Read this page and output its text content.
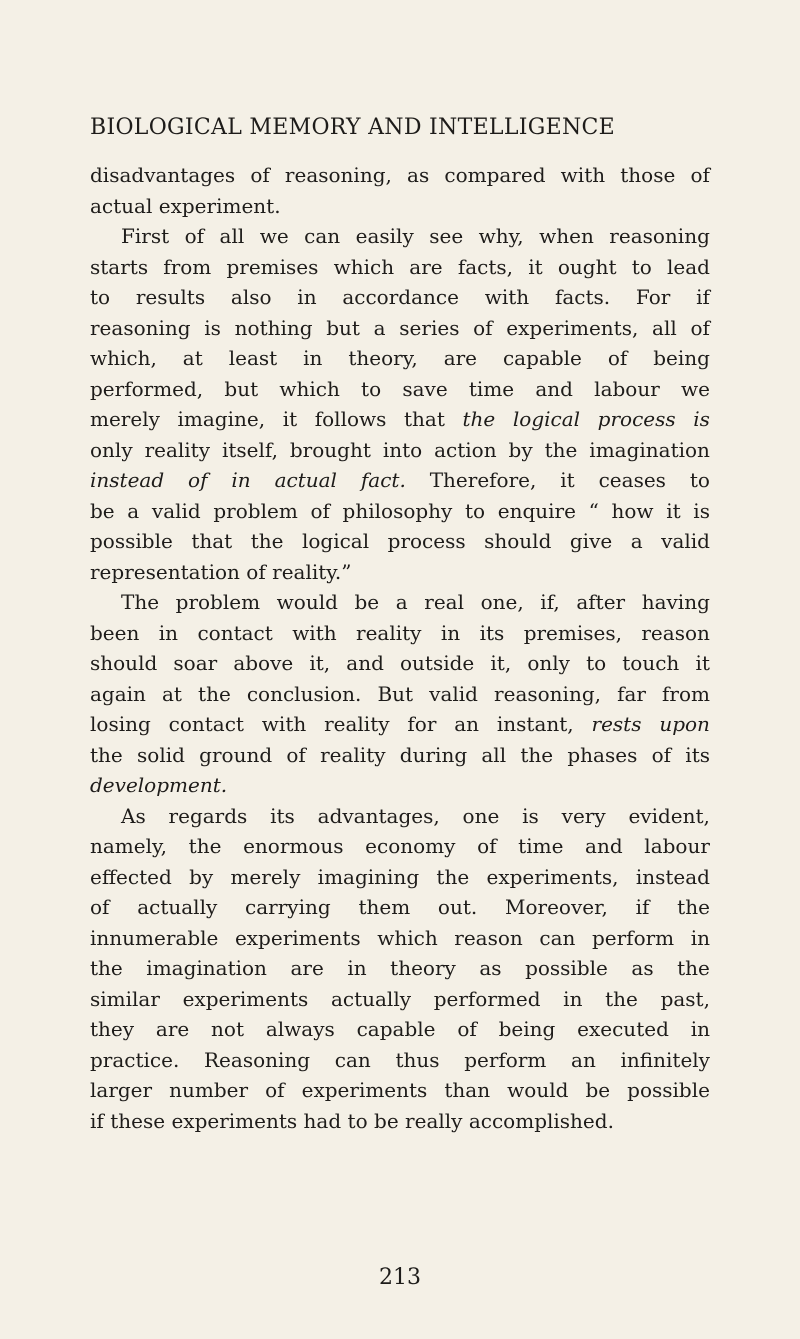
BIOLOGICAL MEMORY AND INTELLIGENCE
disadvantages of reasoning, as compared with those of
actual experiment.
First of all we can easily see why, when reasoning
starts from premises which are facts, it ought to lead
to results also in accordance with facts. For if
reasoning is nothing but a series of experiments, all of
which, at least in theory, are capable of being
performed, but which to save time and labour we
merely imagine, it follows that the logical process is
only reality itself, brought into action by the imagination
instead of in actual fact. Therefore, it ceases to
be a valid problem of philosophy to enquire “ how it is
possible that the logical process should give a valid
representation of reality.”
The problem would be a real one, if, after having
been in contact with reality in its premises, reason
should soar above it, and outside it, only to touch it
again at the conclusion. But valid reasoning, far from
losing contact with reality for an instant, rests upon
the solid ground of reality during all the phases of its
development.
As regards its advantages, one is very evident,
namely, the enormous economy of time and labour
effected by merely imagining the experiments, instead
of actually carrying them out. Moreover, if the
innumerable experiments which reason can perform in
the imagination are in theory as possible as the
similar experiments actually performed in the past,
they are not always capable of being executed in
practice. Reasoning can thus perform an infinitely
larger number of experiments than would be possible
if these experiments had to be really accomplished.
213
